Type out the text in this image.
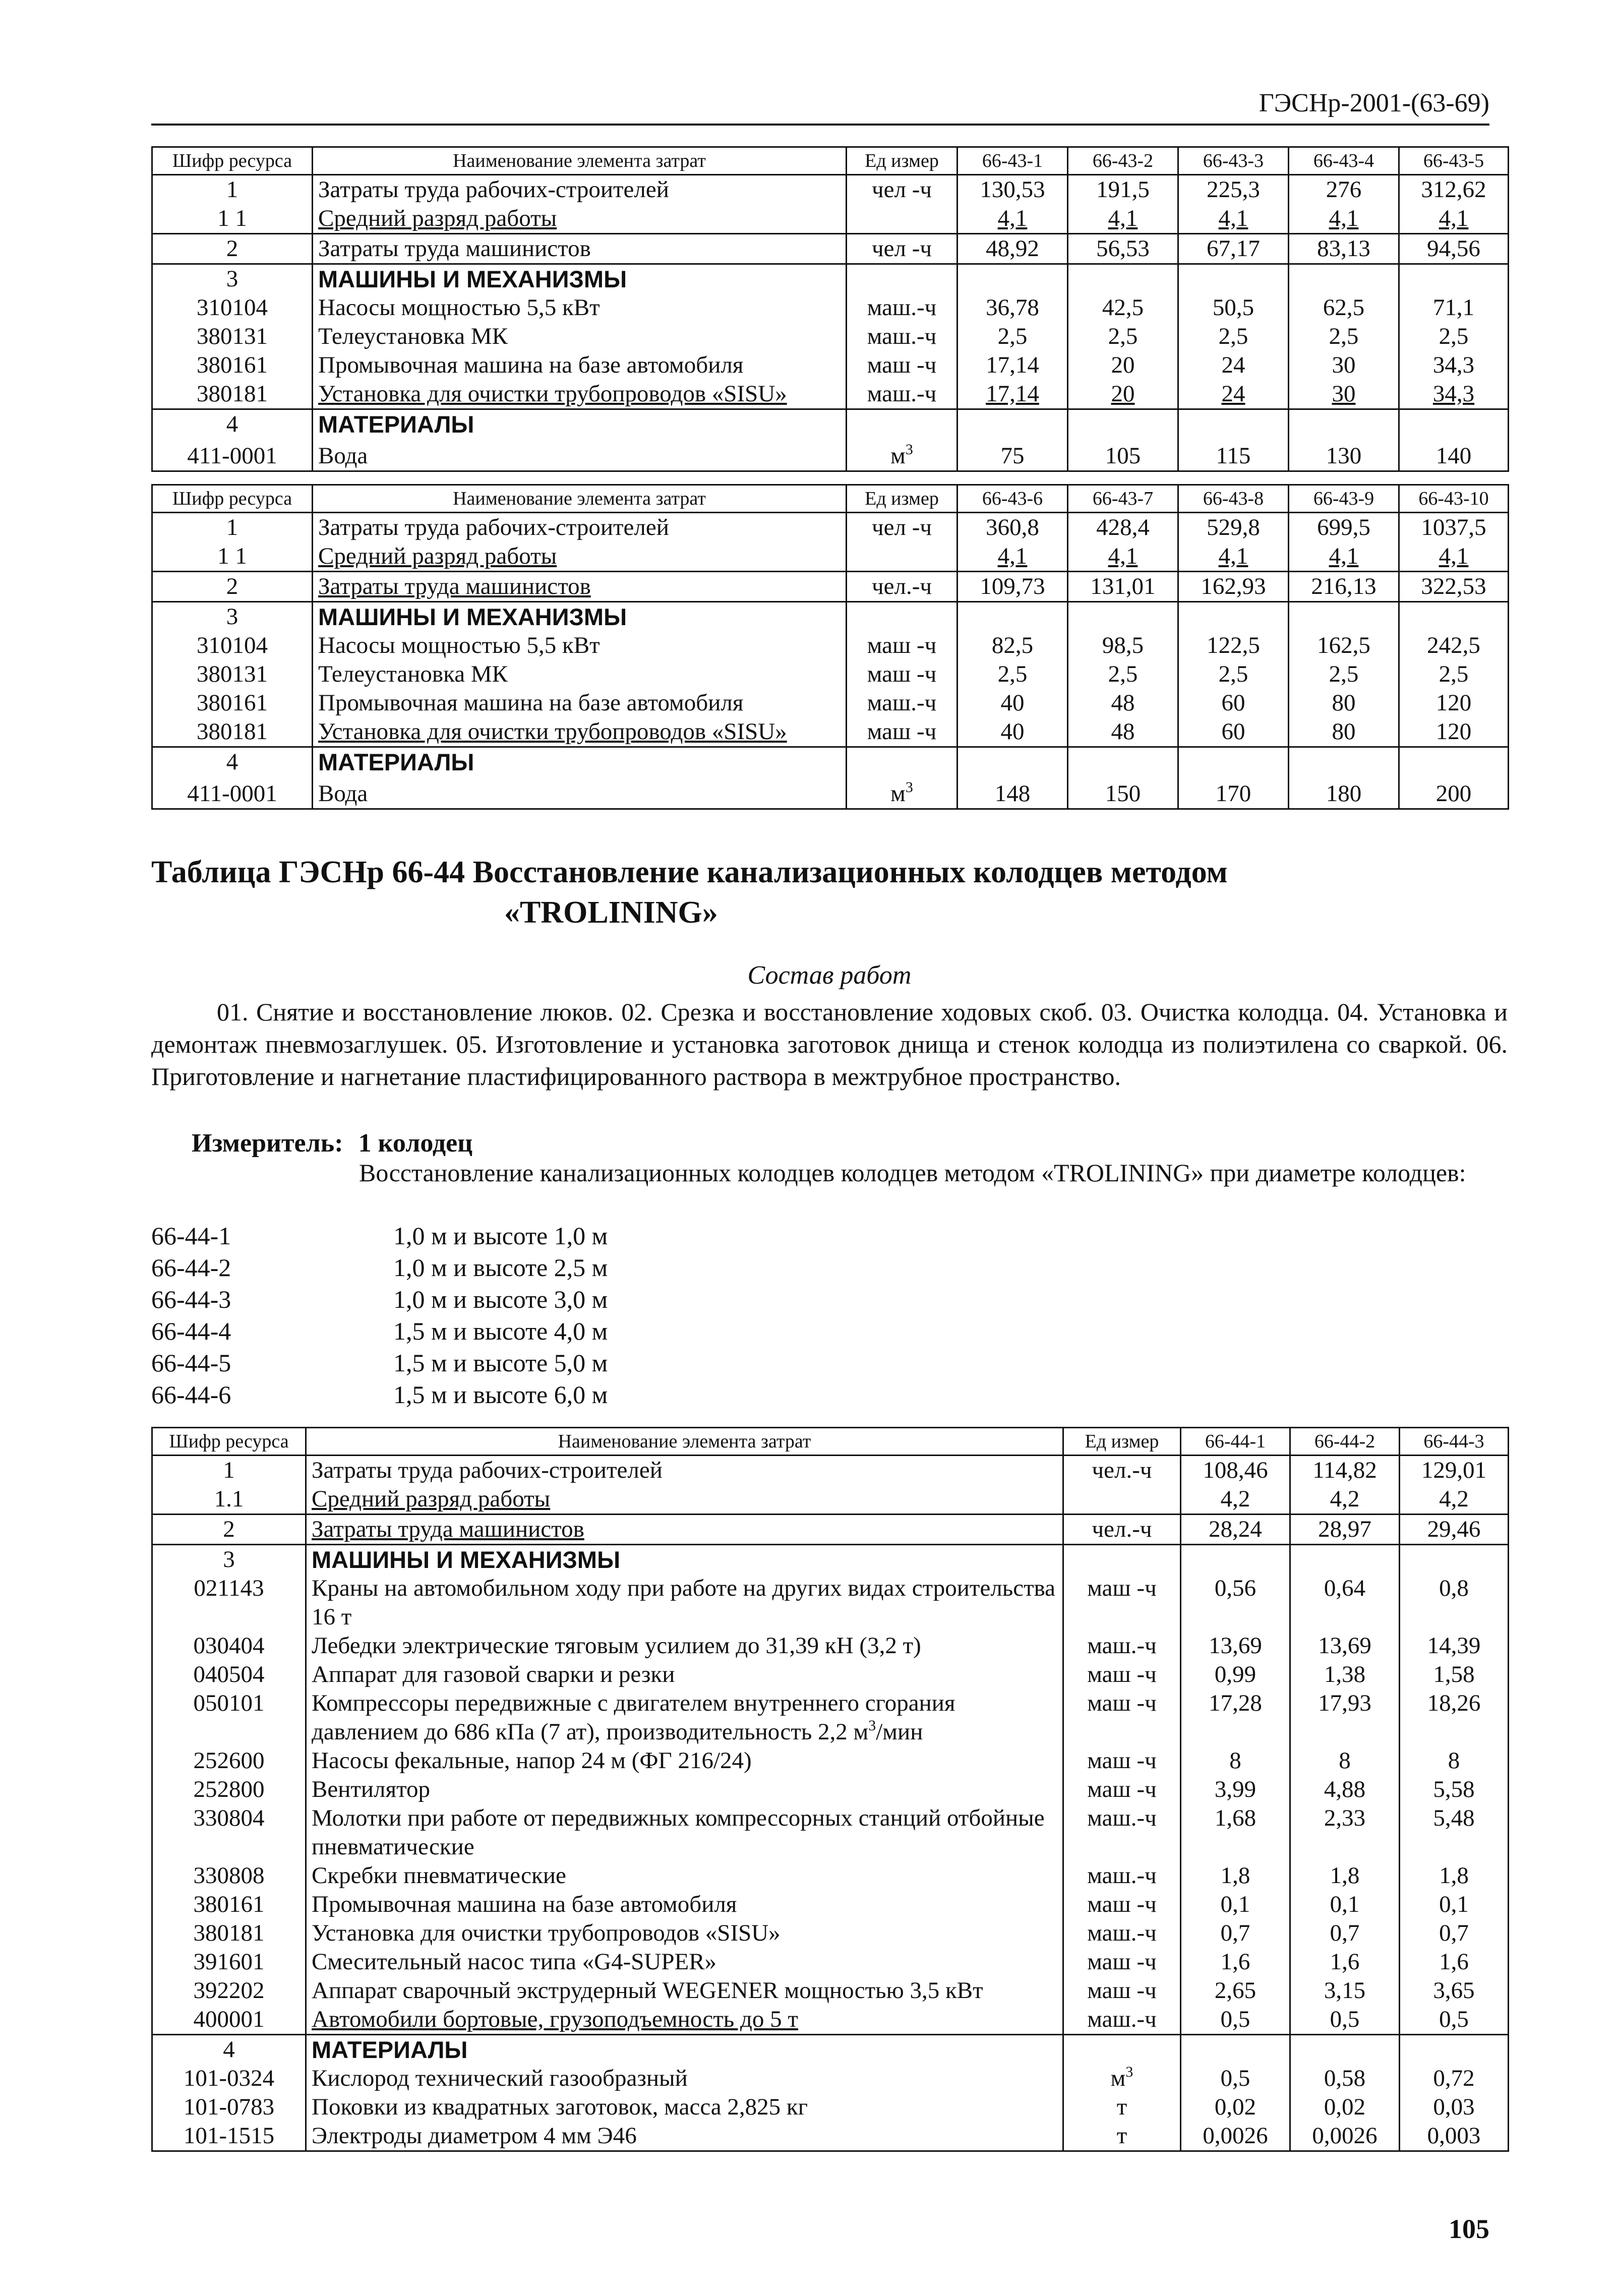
ГЭСНр-2001-(63-69)
Шифр ресурса	Наименование элемента затрат	Ед измер	66-43-1	66-43-2	66-43-3	66-43-4	66-43-5
1	Затраты труда рабочих-строителей	чел -ч	130,53	191,5	225,3	276	312,62
1 1	Средний разряд работы		4,1	4,1	4,1	4,1	4,1
2	Затраты труда машинистов	чел -ч	48,92	56,53	67,17	83,13	94,56
3	МАШИНЫ И МЕХАНИЗМЫ						
310104	Насосы мощностью 5,5 кВт	маш.-ч	36,78	42,5	50,5	62,5	71,1
380131	Телеустановка МК	маш.-ч	2,5	2,5	2,5	2,5	2,5
380161	Промывочная машина на базе автомобиля	маш -ч	17,14	20	24	30	34,3
380181	Установка для очистки трубопроводов «SISU»	маш.-ч	17,14	20	24	30	34,3
4	МАТЕРИАЛЫ						
411-0001	Вода	$м^3$	75	105	115	130	140
Шифр ресурса	Наименование элемента затрат	Ед измер	66-43-6	66-43-7	66-43-8	66-43-9	66-43-10
1	Затраты труда рабочих-строителей	чел -ч	360,8	428,4	529,8	699,5	1037,5
1 1	Средний разряд работы		4,1	4,1	4,1	4,1	4,1
2	Затраты труда машинистов	чел.-ч	109,73	131,01	162,93	216,13	322,53
3	МАШИНЫ И МЕХАНИЗМЫ						
310104	Насосы мощностью 5,5 кВт	маш -ч	82,5	98,5	122,5	162,5	242,5
380131	Телеустановка МК	маш -ч	2,5	2,5	2,5	2,5	2,5
380161	Промывочная машина на базе автомобиля	маш.-ч	40	48	60	80	120
380181	Установка для очистки трубопроводов «SISU»	маш -ч	40	48	60	80	120
4	МАТЕРИАЛЫ						
411-0001	Вода	$м^3$	148	150	170	180	200
Таблица ГЭСНр 66-44 Восстановление канализационных колодцев методом
«TROLINING»
Состав работ
01. Снятие и восстановление люков. 02. Срезка и восстановление ходовых скоб. 03. Очистка колодца. 04. Установка и демонтаж пневмозаглушек. 05. Изготовление и установка заготовок днища и стенок колодца из полиэтилена со сваркой. 06. Приготовление и нагнетание пластифицированного раствора в межтрубное пространство.
Измеритель: 1 колодец
Восстановление канализационных колодцев колодцев методом «TROLINING» при диаметре колодцев:
66-44-1	1,0 м и высоте 1,0 м
66-44-2	1,0 м и высоте 2,5 м
66-44-3	1,0 м и высоте 3,0 м
66-44-4	1,5 м и высоте 4,0 м
66-44-5	1,5 м и высоте 5,0 м
66-44-6	1,5 м и высоте 6,0 м
Шифр ресурса	Наименование элемента затрат	Ед измер	66-44-1	66-44-2	66-44-3
1	Затраты труда рабочих-строителей	чел.-ч	108,46	114,82	129,01
1.1	Средний разряд работы		4,2	4,2	4,2
2	Затраты труда машинистов	чел.-ч	28,24	28,97	29,46
3	МАШИНЫ И МЕХАНИЗМЫ				
021143	Краны на автомобильном ходу при работе на других видах строительства 16 т	маш -ч	0,56	0,64	0,8
030404	Лебедки электрические тяговым усилием до 31,39 кН (3,2 т)	маш.-ч	13,69	13,69	14,39
040504	Аппарат для газовой сварки и резки	маш -ч	0,99	1,38	1,58
050101	Компрессоры передвижные с двигателем внутреннего сгорания давлением до 686 кПа (7 ат), производительность 2,2 $м^3$/мин	маш -ч	17,28	17,93	18,26
252600	Насосы фекальные, напор 24 м (ФГ 216/24)	маш -ч	8	8	8
252800	Вентилятор	маш -ч	3,99	4,88	5,58
330804	Молотки при работе от передвижных компрессорных станций отбойные пневматические	маш.-ч	1,68	2,33	5,48
330808	Скребки пневматические	маш.-ч	1,8	1,8	1,8
380161	Промывочная машина на базе автомобиля	маш -ч	0,1	0,1	0,1
380181	Установка для очистки трубопроводов «SISU»	маш.-ч	0,7	0,7	0,7
391601	Смесительный насос типа «G4-SUPER»	маш -ч	1,6	1,6	1,6
392202	Аппарат сварочный экструдерный WEGENER мощностью 3,5 кВт	маш -ч	2,65	3,15	3,65
400001	Автомобили бортовые, грузоподъемность до 5 т	маш.-ч	0,5	0,5	0,5
4	МАТЕРИАЛЫ				
101-0324	Кислород технический газообразный	$м^3$	0,5	0,58	0,72
101-0783	Поковки из квадратных заготовок, масса 2,825 кг	т	0,02	0,02	0,03
101-1515	Электроды диаметром 4 мм Э46	т	0,0026	0,0026	0,003
105
